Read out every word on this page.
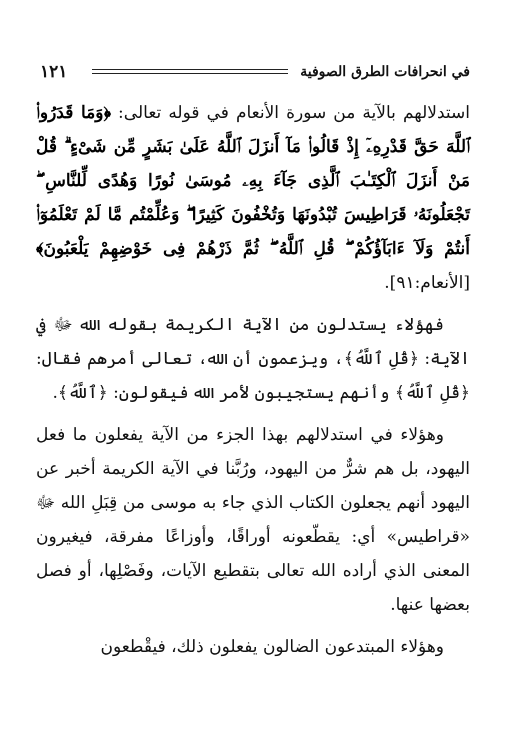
١٢١	في انحرافات الطرق الصوفية

استدلالهم بالآية من سورة الأنعام في قوله تعالى: ﴿وَمَا قَدَرُوا۟ ٱللَّهَ حَقَّ قَدْرِهِۦٓ إِذْ قَالُوا۟ مَآ أَنزَلَ ٱللَّهُ عَلَىٰ بَشَرٍ مِّن شَىْءٍ ۗ قُلْ مَنْ أَنزَلَ ٱلْكِتَـٰبَ ٱلَّذِى جَآءَ بِهِۦ مُوسَىٰ نُورًا وَهُدًى لِّلنَّاسِ ۖ تَجْعَلُونَهُۥ قَرَاطِيسَ تُبْدُونَهَا وَتُخْفُونَ كَثِيرًا ۖ وَعُلِّمْتُم مَّا لَمْ تَعْلَمُوٓا۟ أَنتُمْ وَلَآ ءَابَآؤُكُمْ ۖ قُلِ ٱللَّهُ ۖ ثُمَّ ذَرْهُمْ فِى خَوْضِهِمْ يَلْعَبُونَ﴾ [الأنعام:٩١].

فهؤلاء يستدلون من الآية الكريمة بقوله الله ﷻ في الآية: ﴿قُلِ ٱللَّهُ﴾، ويزعمون أن الله، تعالى أمرهم فقال: ﴿قُلِ ٱللَّهُ﴾ وأنهم يستجيبون لأمر الله فيقولون: ﴿ٱللَّهُ﴾.

وهؤلاء في استدلالهم بهذا الجزء من الآية يفعلون ما فعل اليهود، بل هم شرٌّ من اليهود، ورُبَّنا في الآية الكريمة أخبر عن اليهود أنهم يجعلون الكتاب الذي جاء به موسى من قِبَلِ الله ﷻ «قراطيس» أي: يقطّعونه أوراقًا، وأوزاعًا مفرقة، فيغيرون المعنى الذي أراده الله تعالى بتقطيع الآيات، وفَصْلِها، أو فصل بعضها عنها.

وهؤلاء المبتدعون الضالون يفعلون ذلك، فيقْطعون
